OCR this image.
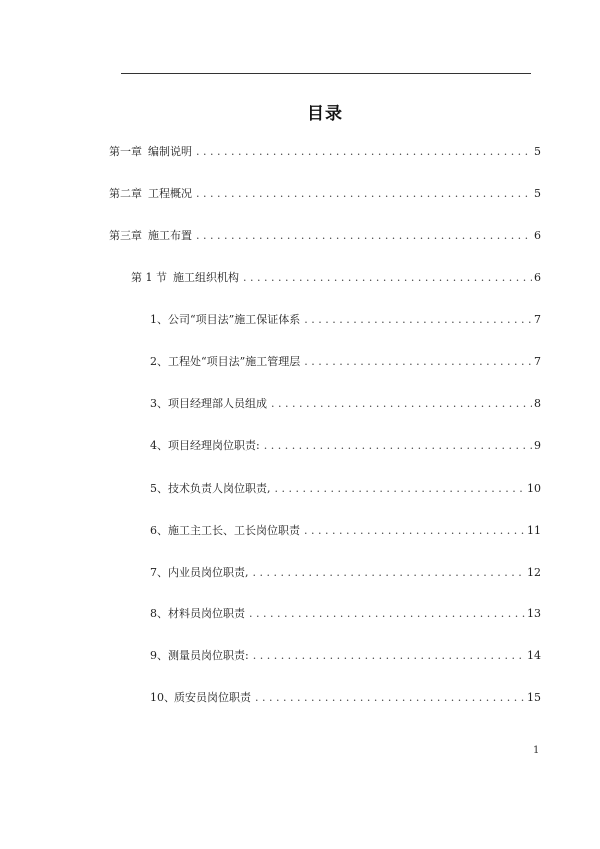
目录
第一章 编制说明 . . .	5
第二章 工程概况 . . .	5
第三章 施工布置 . . .	6
第 1 节 施工组织机构 . . .	6
1、 公司“项目法”施工保证体系 . . .	7
2、 工程处“项目法”施工管理层 . . .	7
3、 项目经理部人员组成 . . .	8
4、 项目经理岗位职责: . . .	9
5、 技术负责人岗位职责, . . .	10
6、 施工主工长、工长岗位职责 . . .	11
7、 内业员岗位职责, . . .	12
8、 材料员岗位职责 . . .	13
9、 测量员岗位职责: . . .	14
10、 质安员岗位职责 . . .	15
1
